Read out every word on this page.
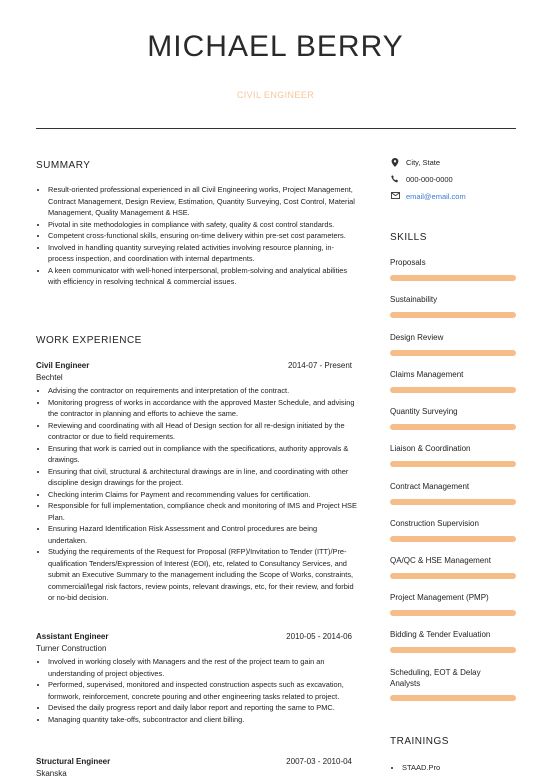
MICHAEL BERRY
CIVIL ENGINEER
SUMMARY
• Result-oriented professional experienced in all Civil Engineering works, Project Management, Contract Management, Design Review, Estimation, Quantity Surveying, Cost Control, Material Management, Quality Management & HSE.
• Pivotal in site methodologies in compliance with safety, quality & cost control standards.
• Competent cross-functional skills, ensuring on-time delivery within pre-set cost parameters.
• Involved in handling quantity surveying related activities involving resource planning, in-process inspection, and coordination with internal departments.
• A keen communicator with well-honed interpersonal, problem-solving and analytical abilities with efficiency in resolving technical & commercial issues.
WORK EXPERIENCE
Civil Engineer	2014-07 - Present
Bechtel
• Advising the contractor on requirements and interpretation of the contract.
• Monitoring progress of works in accordance with the approved Master Schedule, and advising the contractor in planning and efforts to achieve the same.
• Reviewing and coordinating with all Head of Design section for all re-design initiated by the contractor or due to field requirements.
• Ensuring that work is carried out in compliance with the specifications, authority approvals & drawings.
• Ensuring that civil, structural & architectural drawings are in line, and coordinating with other discipline design drawings for the project.
• Checking interim Claims for Payment and recommending values for certification.
• Responsible for full implementation, compliance check and monitoring of IMS and Project HSE Plan.
• Ensuring Hazard Identification Risk Assessment and Control procedures are being undertaken.
• Studying the requirements of the Request for Proposal (RFP)/Invitation to Tender (ITT)/Pre-qualification Tenders/Expression of Interest (EOI), etc, related to Consultancy Services, and submit an Executive Summary to the management including the Scope of Works, constraints, commercial/legal risk factors, review points, relevant drawings, etc, for their review, and forbid or no-bid decision.
Assistant Engineer	2010-05 - 2014-06
Turner Construction
• Involved in working closely with Managers and the rest of the project team to gain an understanding of project objectives.
• Performed, supervised, monitored and inspected construction aspects such as excavation, formwork, reinforcement, concrete pouring and other engineering tasks related to project.
• Devised the daily progress report and daily labor report and reporting the same to PMC.
• Managing quantity take-offs, subcontractor and client billing.
Structural Engineer	2007-03 - 2010-04
Skanska
City, State
000-000-0000
email@email.com
SKILLS
Proposals
Sustainability
Design Review
Claims Management
Quantity Surveying
Liaison & Coordination
Contract Management
Construction Supervision
QA/QC & HSE Management
Project Management (PMP)
Bidding & Tender Evaluation
Scheduling, EOT & Delay Analysts
TRAININGS
• STAAD.Pro
